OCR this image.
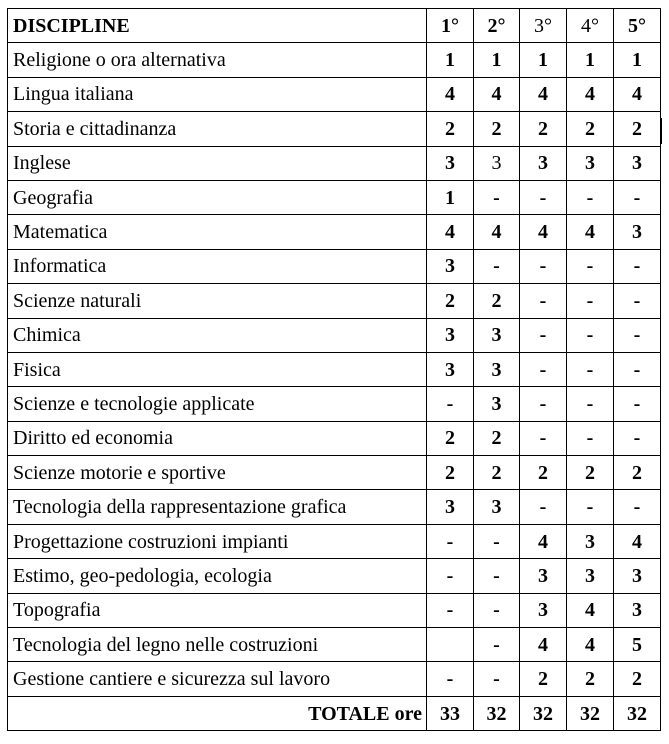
DISCIPLINE	1°	2°	3°	4°	5°
Religione o ora alternativa	1	1	1	1	1
Lingua italiana	4	4	4	4	4
Storia e cittadinanza	2	2	2	2	2
Inglese	3	3	3	3	3
Geografia	1	-	-	-	-
Matematica	4	4	4	4	3
Informatica	3	-	-	-	-
Scienze naturali	2	2	-	-	-
Chimica	3	3	-	-	-
Fisica	3	3	-	-	-
Scienze e tecnologie applicate	-	3	-	-	-
Diritto ed economia	2	2	-	-	-
Scienze motorie e sportive	2	2	2	2	2
Tecnologia della rappresentazione grafica	3	3	-	-	-
Progettazione costruzioni impianti	-	-	4	3	4
Estimo, geo-pedologia, ecologia	-	-	3	3	3
Topografia	-	-	3	4	3
Tecnologia del legno nelle costruzioni		-	4	4	5
Gestione cantiere e sicurezza sul lavoro	-	-	2	2	2
TOTALE ore	33	32	32	32	32
